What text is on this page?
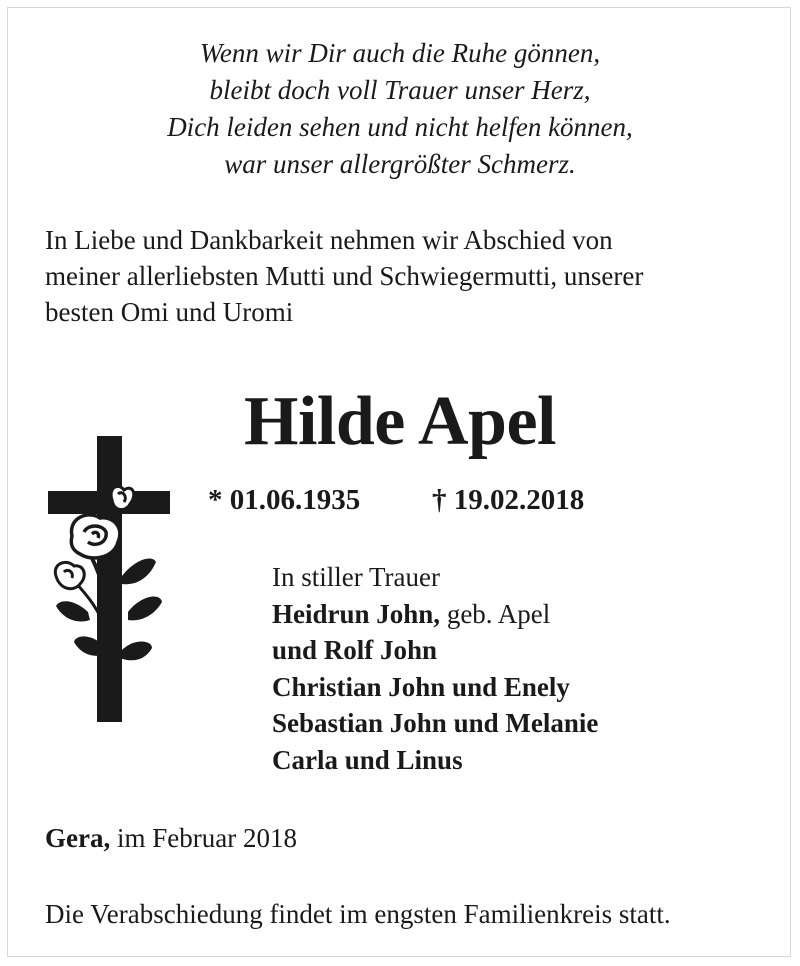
Wenn wir Dir auch die Ruhe gönnen,
bleibt doch voll Trauer unser Herz,
Dich leiden sehen und nicht helfen können,
war unser allergrößter Schmerz.
In Liebe und Dankbarkeit nehmen wir Abschied von
meiner allerliebsten Mutti und Schwiegermutti, unserer
besten Omi und Uromi
Hilde Apel
* 01.06.1935 † 19.02.2018
In stiller Trauer
Heidrun John, geb. Apel
und Rolf John
Christian John und Enely
Sebastian John und Melanie
Carla und Linus
Gera, im Februar 2018
Die Verabschiedung findet im engsten Familienkreis statt.
